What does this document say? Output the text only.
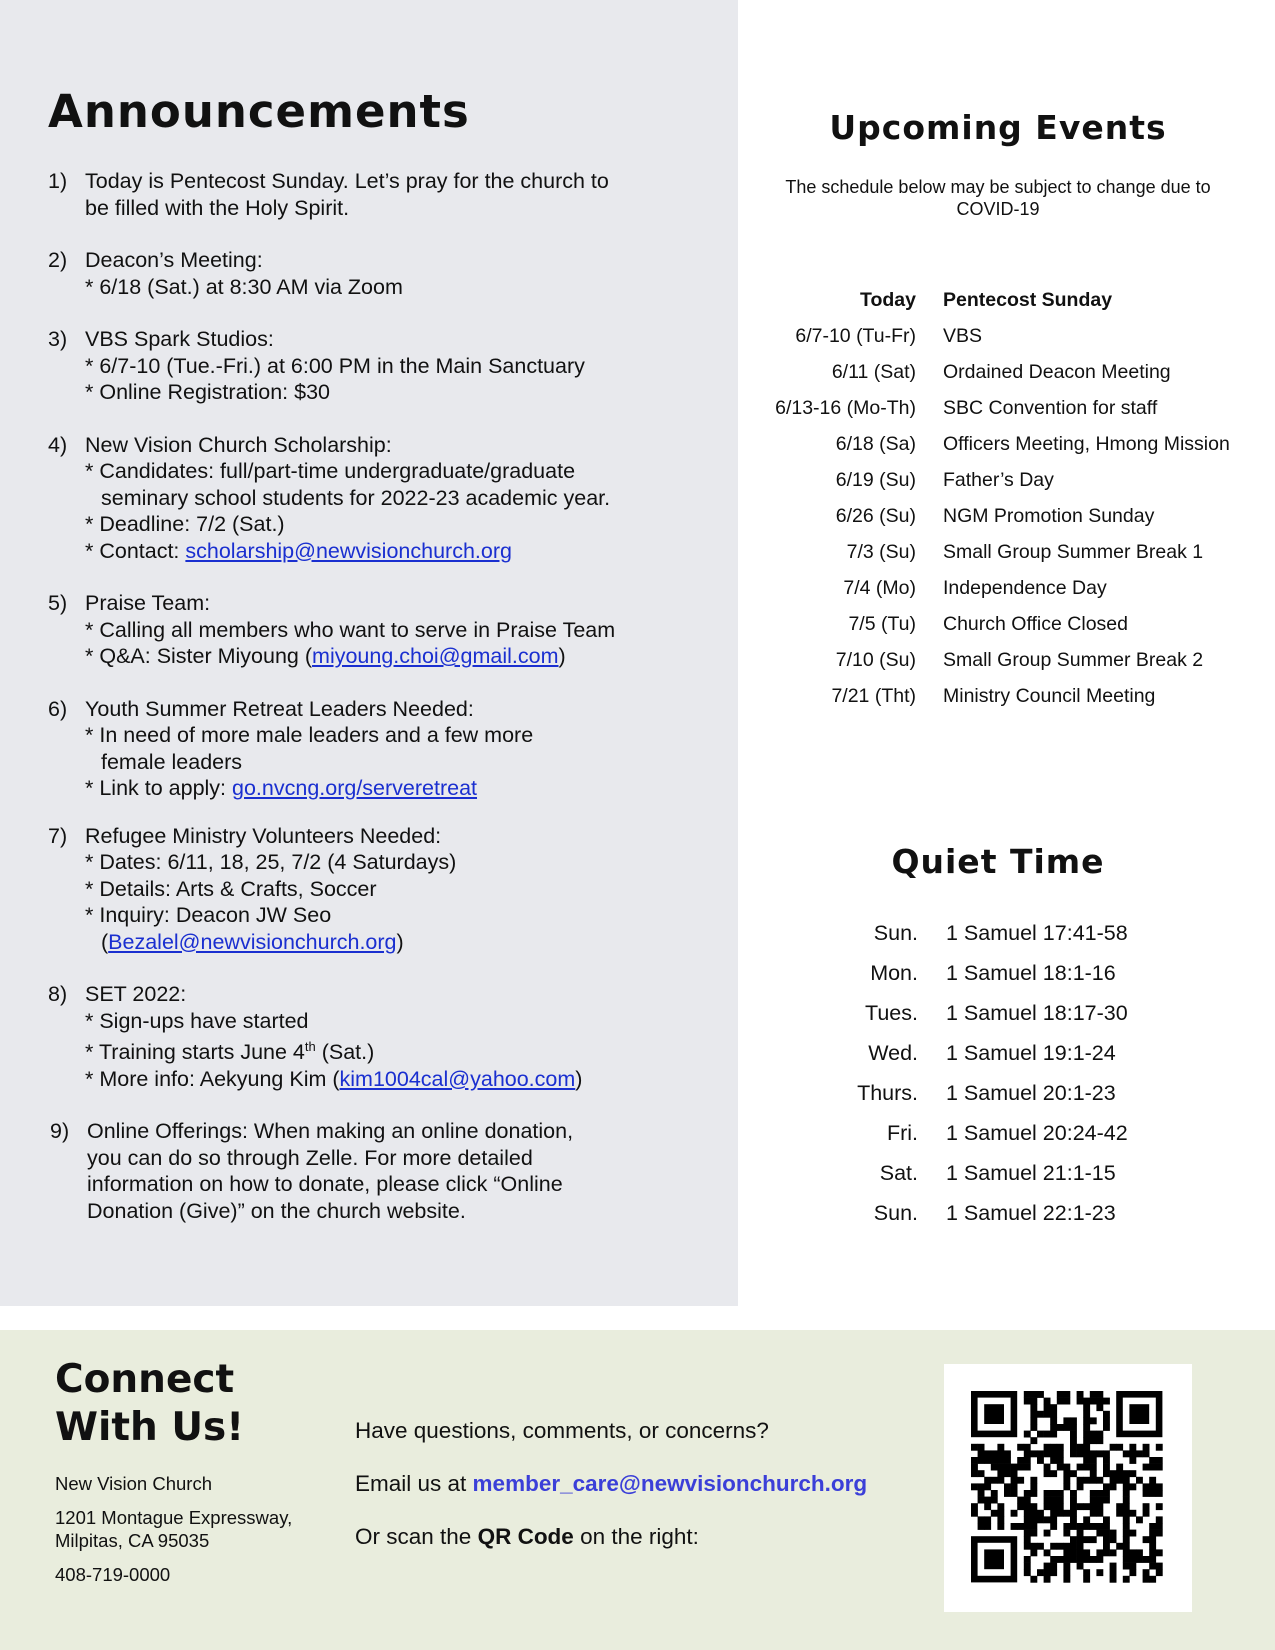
Announcements
1) Today is Pentecost Sunday. Let’s pray for the church to
be filled with the Holy Spirit.
2) Deacon’s Meeting:
* 6/18 (Sat.) at 8:30 AM via Zoom
3) VBS Spark Studios:
* 6/7-10 (Tue.-Fri.) at 6:00 PM in the Main Sanctuary
* Online Registration: $30
4) New Vision Church Scholarship:
* Candidates: full/part-time undergraduate/graduate
seminary school students for 2022-23 academic year.
* Deadline: 7/2 (Sat.)
* Contact: scholarship@newvisionchurch.org
5) Praise Team:
* Calling all members who want to serve in Praise Team
* Q&A: Sister Miyoung (miyoung.choi@gmail.com)
6) Youth Summer Retreat Leaders Needed:
* In need of more male leaders and a few more
female leaders
* Link to apply: go.nvcng.org/serveretreat
7) Refugee Ministry Volunteers Needed:
* Dates: 6/11, 18, 25, 7/2 (4 Saturdays)
* Details: Arts & Crafts, Soccer
* Inquiry: Deacon JW Seo
(Bezalel@newvisionchurch.org)
8) SET 2022:
* Sign-ups have started
* Training starts June 4th (Sat.)
* More info: Aekyung Kim (kim1004cal@yahoo.com)
9) Online Offerings: When making an online donation,
you can do so through Zelle. For more detailed
information on how to donate, please click “Online
Donation (Give)” on the church website.
Upcoming Events
The schedule below may be subject to change due to COVID-19
Today	Pentecost Sunday
6/7-10 (Tu-Fr)	VBS
6/11 (Sat)	Ordained Deacon Meeting
6/13-16 (Mo-Th)	SBC Convention for staff
6/18 (Sa)	Officers Meeting, Hmong Mission
6/19 (Su)	Father’s Day
6/26 (Su)	NGM Promotion Sunday
7/3 (Su)	Small Group Summer Break 1
7/4 (Mo)	Independence Day
7/5 (Tu)	Church Office Closed
7/10 (Su)	Small Group Summer Break 2
7/21 (Tht)	Ministry Council Meeting
Quiet Time
Sun.	1 Samuel 17:41-58
Mon.	1 Samuel 18:1-16
Tues.	1 Samuel 18:17-30
Wed.	1 Samuel 19:1-24
Thurs.	1 Samuel 20:1-23
Fri.	1 Samuel 20:24-42
Sat.	1 Samuel 21:1-15
Sun.	1 Samuel 22:1-23
Connect
With Us!
New Vision Church
1201 Montague Expressway,
Milpitas, CA 95035
408-719-0000
Have questions, comments, or concerns?
Email us at member_care@newvisionchurch.org
Or scan the QR Code on the right:
